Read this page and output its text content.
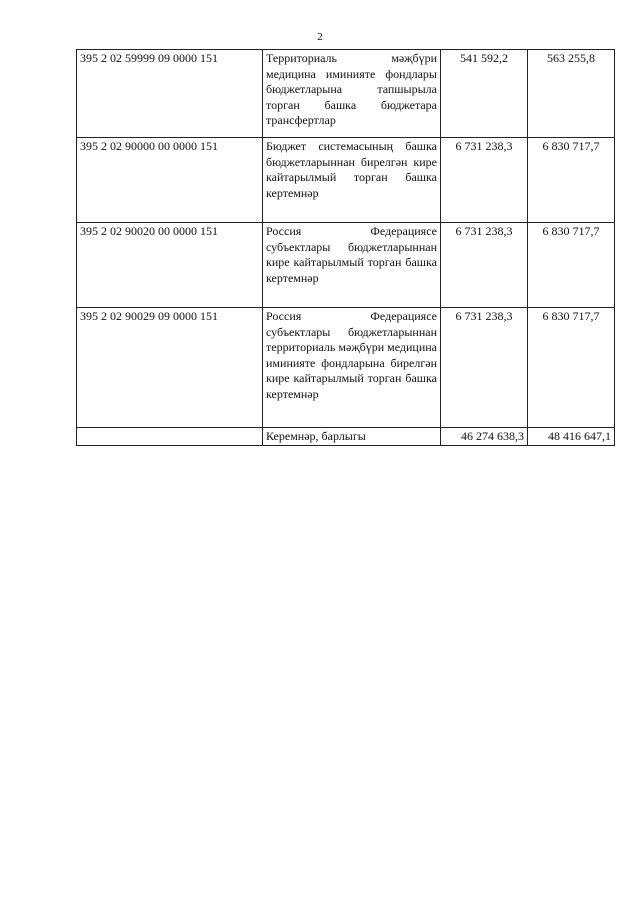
2
395 2 02 59999 09 0000 151	Территориаль мәҗбүри медицина иминияте фондлары бюджетларына тапшырыла торган башка бюджетара трансфертлар	541 592,2	563 255,8
395 2 02 90000 00 0000 151	Бюджет системасының башка бюджетларыннан бирелгән кире кайтарылмый торган башка кертемнәр	6 731 238,3	6 830 717,7
395 2 02 90020 00 0000 151	Россия Федерациясе субъектлары бюджетларыннан кире кайтарылмый торган башка кертемнәр	6 731 238,3	6 830 717,7
395 2 02 90029 09 0000 151	Россия Федерациясе субъектлары бюджетларыннан территориаль мәҗбүри медицина иминияте фондларына бирелгән кире кайтарылмый торган башка кертемнәр	6 731 238,3	6 830 717,7
	Керемнәр, барлыгы	46 274 638,3	48 416 647,1
